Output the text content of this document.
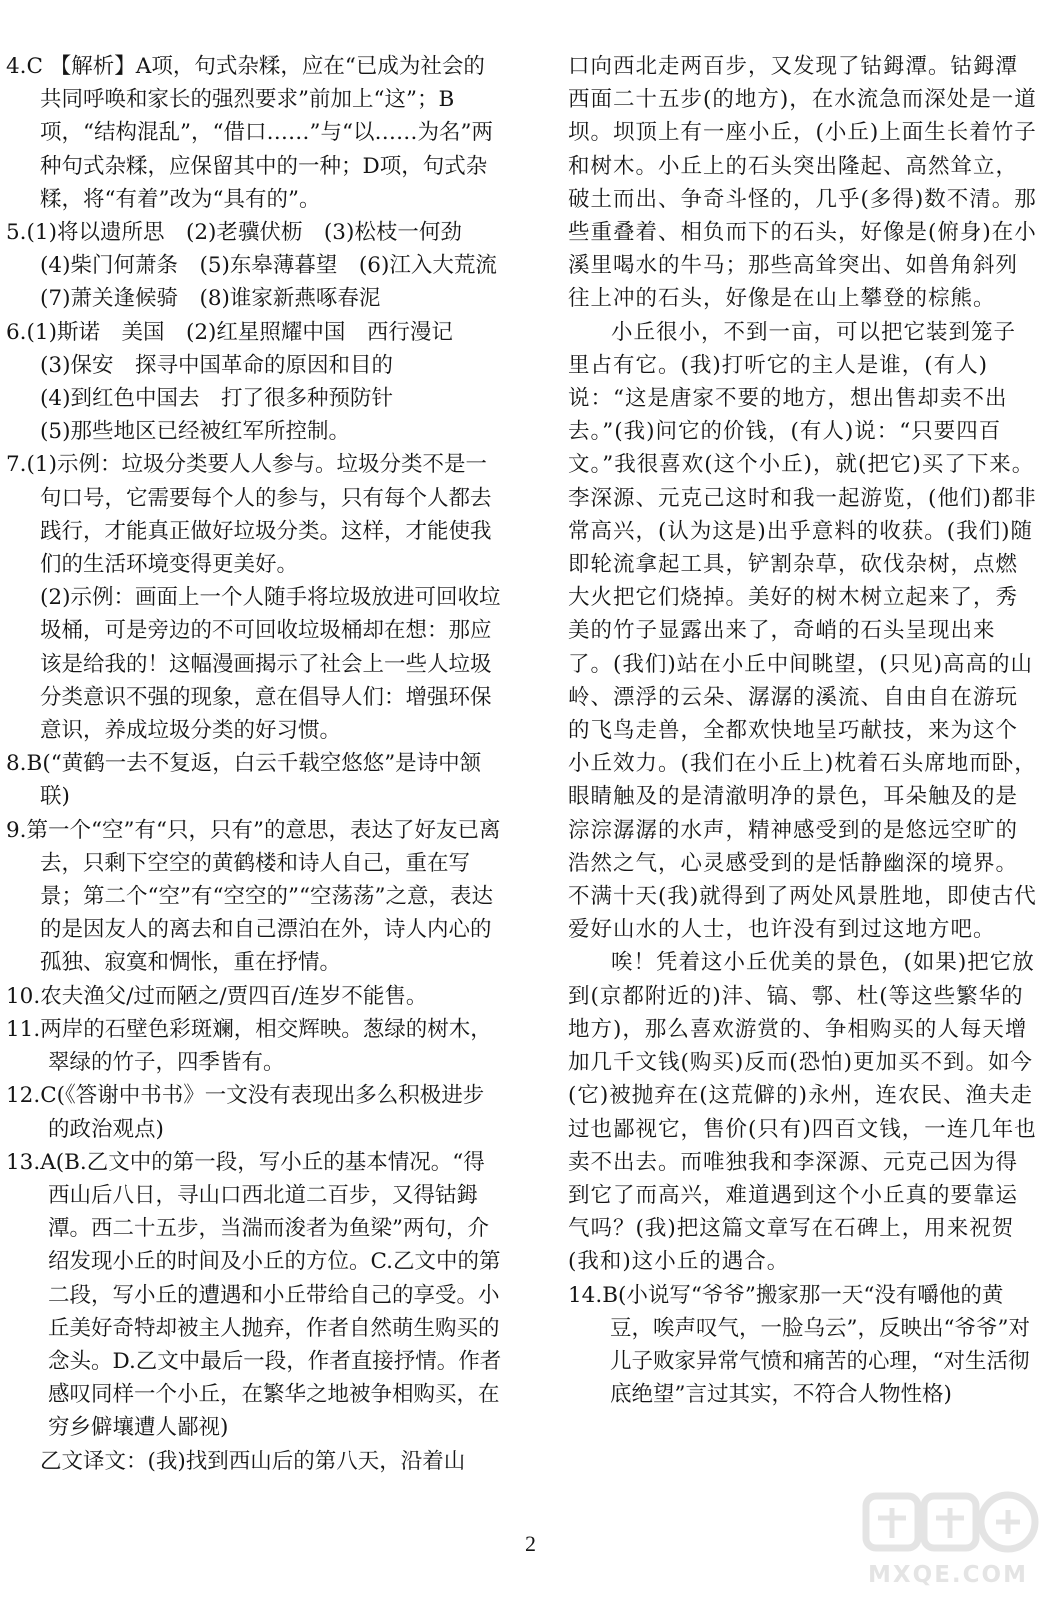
4.C 【解析】A项，句式杂糅，应在“已成为社会的共同呼唤和家长的强烈要求”前加上“这”；B项，“结构混乱”，“借口……”与“以……为名”两种句式杂糅，应保留其中的一种；D项，句式杂糅，将“有着”改为“具有的”。

5.(1)将以遗所思　(2)老骥伏枥　(3)松枝一何劲

(4)柴门何萧条　(5)东皋薄暮望　(6)江入大荒流

(7)萧关逢候骑　(8)谁家新燕啄春泥

6.(1)斯诺　美国　(2)红星照耀中国　西行漫记

(3)保安　探寻中国革命的原因和目的

(4)到红色中国去　打了很多种预防针

(5)那些地区已经被红军所控制。

7.(1)示例：垃圾分类要人人参与。垃圾分类不是一句口号，它需要每个人的参与，只有每个人都去践行，才能真正做好垃圾分类。这样，才能使我们的生活环境变得更美好。

(2)示例：画面上一个人随手将垃圾放进可回收垃圾桶，可是旁边的不可回收垃圾桶却在想：那应该是给我的！这幅漫画揭示了社会上一些人垃圾分类意识不强的现象，意在倡导人们：增强环保意识，养成垃圾分类的好习惯。

8.B(“黄鹤一去不复返，白云千载空悠悠”是诗中颔联)

9.第一个“空”有“只，只有”的意思，表达了好友已离去，只剩下空空的黄鹤楼和诗人自己，重在写景；第二个“空”有“空空的”“空荡荡”之意，表达的是因友人的离去和自己漂泊在外，诗人内心的孤独、寂寞和惆怅，重在抒情。

10.农夫渔父/过而陋之/贾四百/连岁不能售。

11.两岸的石壁色彩斑斓，相交辉映。葱绿的树木，翠绿的竹子，四季皆有。

12.C(《答谢中书书》一文没有表现出多么积极进步的政治观点)

13.A(B.乙文中的第一段，写小丘的基本情况。“得西山后八日，寻山口西北道二百步，又得钴鉧潭。西二十五步，当湍而浚者为鱼梁”两句，介绍发现小丘的时间及小丘的方位。C.乙文中的第二段，写小丘的遭遇和小丘带给自己的享受。小丘美好奇特却被主人抛弃，作者自然萌生购买的念头。D.乙文中最后一段，作者直接抒情。作者感叹同样一个小丘，在繁华之地被争相购买，在穷乡僻壤遭人鄙视)

乙文译文：(我)找到西山后的第八天，沿着山

口向西北走两百步，又发现了钴鉧潭。钴鉧潭西面二十五步(的地方)，在水流急而深处是一道坝。坝顶上有一座小丘，(小丘)上面生长着竹子和树木。小丘上的石头突出隆起、高然耸立，破土而出、争奇斗怪的，几乎(多得)数不清。那些重叠着、相负而下的石头，好像是(俯身)在小溪里喝水的牛马；那些高耸突出、如兽角斜列往上冲的石头，好像是在山上攀登的棕熊。

小丘很小，不到一亩，可以把它装到笼子里占有它。(我)打听它的主人是谁，(有人)说：“这是唐家不要的地方，想出售却卖不出去。”(我)问它的价钱，(有人)说：“只要四百文。”我很喜欢(这个小丘)，就(把它)买了下来。李深源、元克己这时和我一起游览，(他们)都非常高兴，(认为这是)出乎意料的收获。(我们)随即轮流拿起工具，铲割杂草，砍伐杂树，点燃大火把它们烧掉。美好的树木树立起来了，秀美的竹子显露出来了，奇峭的石头呈现出来了。(我们)站在小丘中间眺望，(只见)高高的山岭、漂浮的云朵、潺潺的溪流、自由自在游玩的飞鸟走兽，全都欢快地呈巧献技，来为这个小丘效力。(我们在小丘上)枕着石头席地而卧，眼睛触及的是清澈明净的景色，耳朵触及的是淙淙潺潺的水声，精神感受到的是悠远空旷的浩然之气，心灵感受到的是恬静幽深的境界。不满十天(我)就得到了两处风景胜地，即使古代爱好山水的人士，也许没有到过这地方吧。

唉！凭着这小丘优美的景色，(如果)把它放到(京都附近的)沣、镐、鄠、杜(等这些繁华的地方)，那么喜欢游赏的、争相购买的人每天增加几千文钱(购买)反而(恐怕)更加买不到。如今(它)被抛弃在(这荒僻的)永州，连农民、渔夫走过也鄙视它，售价(只有)四百文钱，一连几年也卖不出去。而唯独我和李深源、元克己因为得到它了而高兴，难道遇到这个小丘真的要靠运气吗？(我)把这篇文章写在石碑上，用来祝贺(我和)这小丘的遇合。

14.B(小说写“爷爷”搬家那一天“没有嚼他的黄豆，唉声叹气，一脸乌云”，反映出“爷爷”对儿子败家异常气愤和痛苦的心理，“对生活彻底绝望”言过其实，不符合人物性格)

2
MXQE.COM
